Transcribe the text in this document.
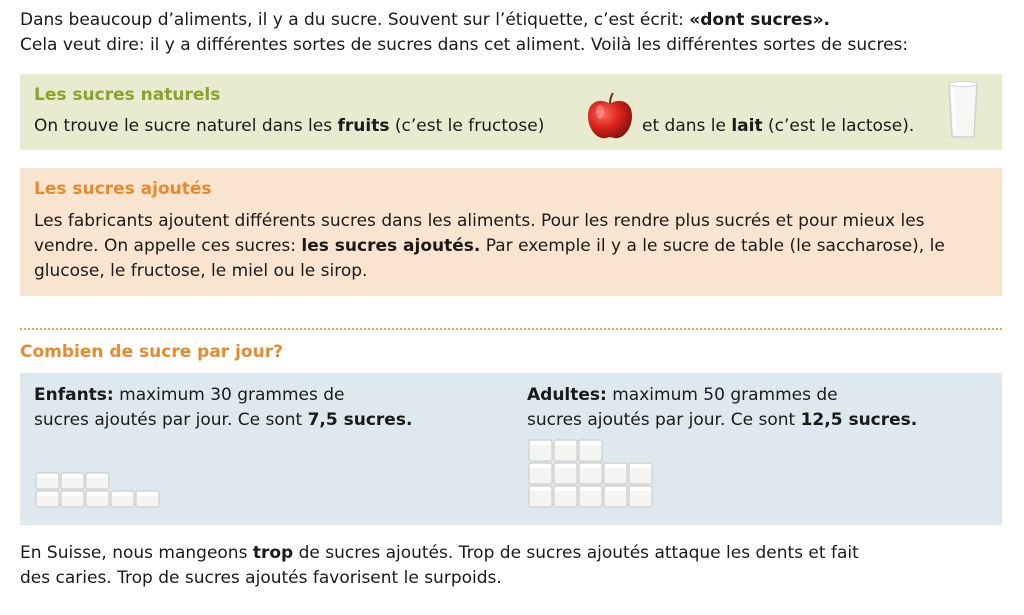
Dans beaucoup d’aliments, il y a du sucre. Souvent sur l’étiquette, c’est écrit: «dont sucres».
Cela veut dire: il y a différentes sortes de sucres dans cet aliment. Voilà les différentes sortes de sucres:
Les sucres naturels
On trouve le sucre naturel dans les fruits (c’est le fructose)	et dans le lait (c’est le lactose).
Les sucres ajoutés
Les fabricants ajoutent différents sucres dans les aliments. Pour les rendre plus sucrés et pour mieux les vendre. On appelle ces sucres: les sucres ajoutés. Par exemple il y a le sucre de table (le saccharose), le glucose, le fructose, le miel ou le sirop.
Combien de sucre par jour?
Enfants: maximum 30 grammes de
sucres ajoutés par jour. Ce sont 7,5 sucres.
Adultes: maximum 50 grammes de
sucres ajoutés par jour. Ce sont 12,5 sucres.
En Suisse, nous mangeons trop de sucres ajoutés. Trop de sucres ajoutés attaque les dents et fait
des caries. Trop de sucres ajoutés favorisent le surpoids.
